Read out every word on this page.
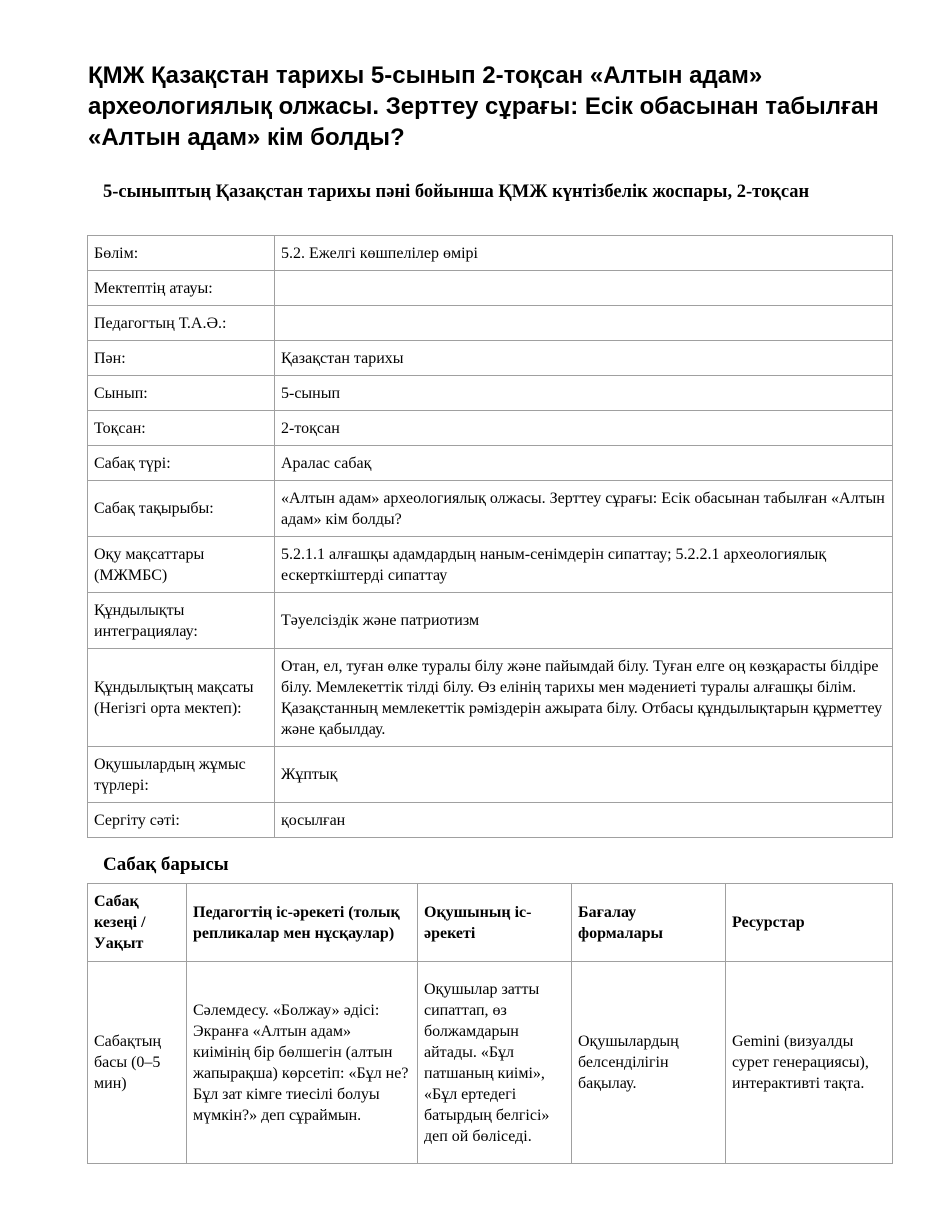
ҚМЖ Қазақстан тарихы 5-сынып 2-тоқсан «Алтын адам» археологиялық олжасы. Зерттеу сұрағы: Есік обасынан табылған «Алтын адам» кім болды?
5-сыныптың Қазақстан тарихы пәні бойынша ҚМЖ күнтізбелік жоспары, 2-тоқсан
Бөлім:	5.2. Ежелгі көшпелілер өмірі
Мектептің атауы:	
Педагогтың Т.А.Ә.:	
Пән:	Қазақстан тарихы
Сынып:	5-сынып
Тоқсан:	2-тоқсан
Сабақ түрі:	Аралас сабақ
Сабақ тақырыбы:	«Алтын адам» археологиялық олжасы. Зерттеу сұрағы: Есік обасынан табылған «Алтын адам» кім болды?
Оқу мақсаттары (МЖМБС)	5.2.1.1 алғашқы адамдардың наным-сенімдерін сипаттау; 5.2.2.1 археологиялық ескерткіштерді сипаттау
Құндылықты интеграциялау:	Тәуелсіздік және патриотизм
Құндылықтың мақсаты (Негізгі орта мектеп):	Отан, ел, туған өлке туралы білу және пайымдай білу. Туған елге оң көзқарасты білдіре білу. Мемлекеттік тілді білу. Өз елінің тарихы мен мәдениеті туралы алғашқы білім. Қазақстанның мемлекеттік рәміздерін ажырата білу. Отбасы құндылықтарын құрметтеу және қабылдау.
Оқушылардың жұмыс түрлері:	Жұптық
Сергіту сәті:	қосылған
Сабақ барысы
Сабақ кезеңі / Уақыт	Педагогтің іс-әрекеті (толық репликалар мен нұсқаулар)	Оқушының іс-әрекеті	Бағалау формалары	Ресурстар
Сабақтың басы (0–5 мин)	Сәлемдесу. «Болжау» әдісі: Экранға «Алтын адам» киімінің бір бөлшегін (алтын жапырақша) көрсетіп: «Бұл не? Бұл зат кімге тиесілі болуы мүмкін?» деп сұраймын.	Оқушылар затты сипаттап, өз болжамдарын айтады. «Бұл патшаның киімі», «Бұл ертедегі батырдың белгісі» деп ой бөліседі.	Оқушылардың белсенділігін бақылау.	Gemini (визуалды сурет генерациясы), интерактивті тақта.
